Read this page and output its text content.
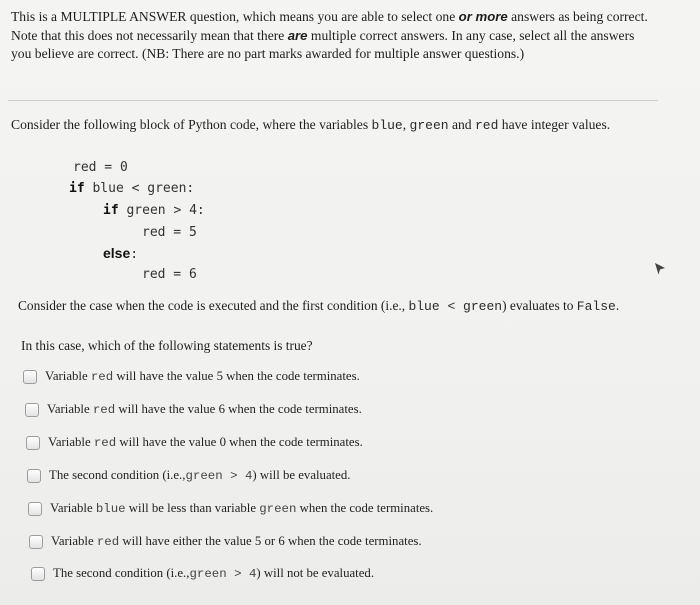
This is a MULTIPLE ANSWER question, which means you are able to select one or more answers as being correct. Note that this does not necessarily mean that there are multiple correct answers. In any case, select all the answers you believe are correct. (NB: There are no part marks awarded for multiple answer questions.)
Consider the following block of Python code, where the variables blue, green and red have integer values.
red = 0
if blue < green:
if green > 4:
red = 5
else:
red = 6
Consider the case when the code is executed and the first condition (i.e., blue < green) evaluates to False.
In this case, which of the following statements is true?
Variable
red
will have the value 5 when the code terminates.
Variable
red
will have the value 6 when the code terminates.
Variable
red
will have the value 0 when the code terminates.
The second condition (i.e., green > 4 ) will be evaluated.
Variable
blue
will be less than variable
green
when the code terminates.
Variable
red
will have either the value 5 or 6 when the code terminates.
The second condition (i.e., green > 4 ) will not be evaluated.
